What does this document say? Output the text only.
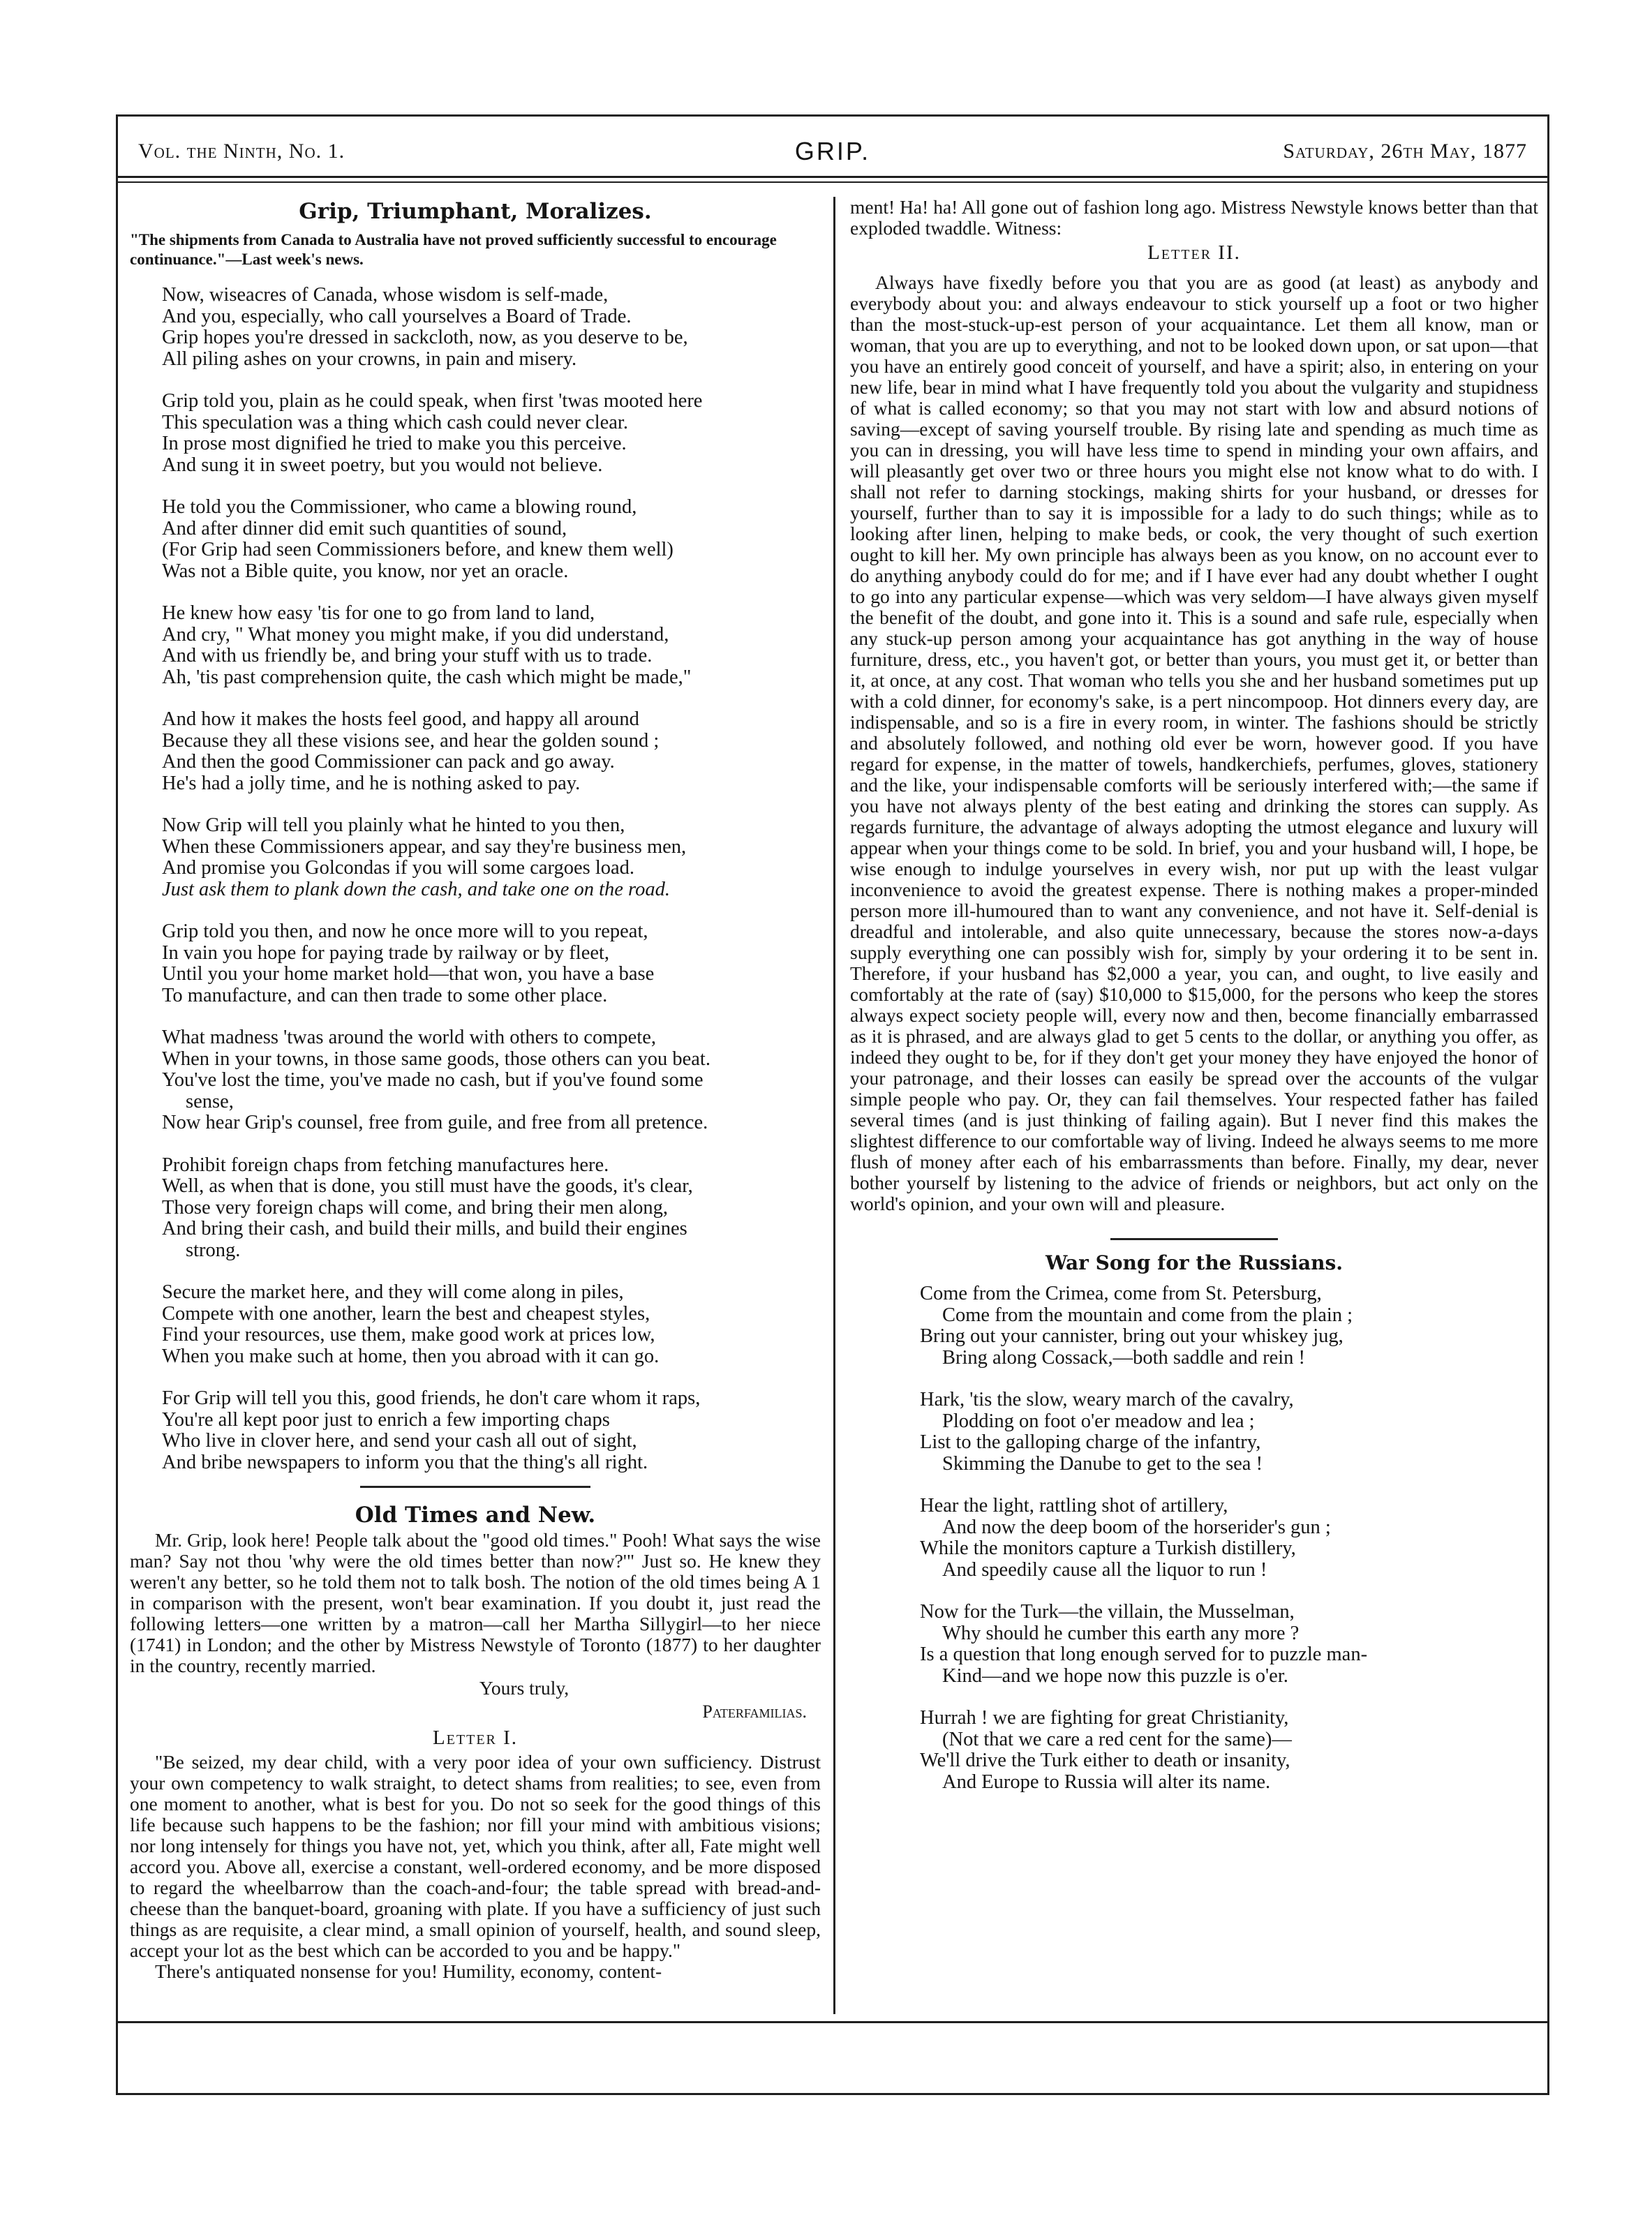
Vol. the Ninth, No. 1.	GRIP.	Saturday, 26th May, 1877
Grip, Triumphant, Moralizes.
"The shipments from Canada to Australia have not proved sufficiently successful to encourage continuance."—Last week's news.
Now, wiseacres of Canada, whose wisdom is self-made,
And you, especially, who call yourselves a Board of Trade.
Grip hopes you're dressed in sackcloth, now, as you deserve to be,
All piling ashes on your crowns, in pain and misery.
Grip told you, plain as he could speak, when first 'twas mooted here
This speculation was a thing which cash could never clear.
In prose most dignified he tried to make you this perceive.
And sung it in sweet poetry, but you would not believe.
He told you the Commissioner, who came a blowing round,
And after dinner did emit such quantities of sound,
(For Grip had seen Commissioners before, and knew them well)
Was not a Bible quite, you know, nor yet an oracle.
He knew how easy 'tis for one to go from land to land,
And cry, " What money you might make, if you did understand,
And with us friendly be, and bring your stuff with us to trade.
Ah, 'tis past comprehension quite, the cash which might be made,"
And how it makes the hosts feel good, and happy all around
Because they all these visions see, and hear the golden sound ;
And then the good Commissioner can pack and go away.
He's had a jolly time, and he is nothing asked to pay.
Now Grip will tell you plainly what he hinted to you then,
When these Commissioners appear, and say they're business men,
And promise you Golcondas if you will some cargoes load.
Just ask them to plank down the cash, and take one on the road.
Grip told you then, and now he once more will to you repeat,
In vain you hope for paying trade by railway or by fleet,
Until you your home market hold—that won, you have a base
To manufacture, and can then trade to some other place.
What madness 'twas around the world with others to compete,
When in your towns, in those same goods, those others can you beat.
You've lost the time, you've made no cash, but if you've found some
sense,
Now hear Grip's counsel, free from guile, and free from all pretence.
Prohibit foreign chaps from fetching manufactures here.
Well, as when that is done, you still must have the goods, it's clear,
Those very foreign chaps will come, and bring their men along,
And bring their cash, and build their mills, and build their engines
strong.
Secure the market here, and they will come along in piles,
Compete with one another, learn the best and cheapest styles,
Find your resources, use them, make good work at prices low,
When you make such at home, then you abroad with it can go.
For Grip will tell you this, good friends, he don't care whom it raps,
You're all kept poor just to enrich a few importing chaps
Who live in clover here, and send your cash all out of sight,
And bribe newspapers to inform you that the thing's all right.
Old Times and New.

Mr. Grip, look here! People talk about the "good old times." Pooh! What says the wise man? Say not thou 'why were the old times better than now?'" Just so. He knew they weren't any better, so he told them not to talk bosh. The notion of the old times being A 1 in comparison with the present, won't bear examination. If you doubt it, just read the following letters—one written by a matron—call her Martha Sillygirl—to her niece (1741) in London; and the other by Mistress Newstyle of Toronto (1877) to her daughter in the country, recently married.

Yours truly,
Paterfamilias.
Letter I.

"Be seized, my dear child, with a very poor idea of your own sufficiency. Distrust your own competency to walk straight, to detect shams from realities; to see, even from one moment to another, what is best for you. Do not so seek for the good things of this life because such happens to be the fashion; nor fill your mind with ambitious visions; nor long intensely for things you have not, yet, which you think, after all, Fate might well accord you. Above all, exercise a constant, well-ordered economy, and be more disposed to regard the wheelbarrow than the coach-and-four; the table spread with bread-and-cheese than the banquet-board, groaning with plate. If you have a sufficiency of just such things as are requisite, a clear mind, a small opinion of yourself, health, and sound sleep, accept your lot as the best which can be accorded to you and be happy."

There's antiquated nonsense for you! Humility, economy, content-

ment! Ha! ha! All gone out of fashion long ago. Mistress Newstyle knows better than that exploded twaddle. Witness:

Letter II.

Always have fixedly before you that you are as good (at least) as anybody and everybody about you: and always endeavour to stick yourself up a foot or two higher than the most-stuck-up-est person of your acquaintance. Let them all know, man or woman, that you are up to everything, and not to be looked down upon, or sat upon—that you have an entirely good conceit of yourself, and have a spirit; also, in entering on your new life, bear in mind what I have frequently told you about the vulgarity and stupidness of what is called economy; so that you may not start with low and absurd notions of saving—except of saving yourself trouble. By rising late and spending as much time as you can in dressing, you will have less time to spend in minding your own affairs, and will pleasantly get over two or three hours you might else not know what to do with. I shall not refer to darning stockings, making shirts for your husband, or dresses for yourself, further than to say it is impossible for a lady to do such things; while as to looking after linen, helping to make beds, or cook, the very thought of such exertion ought to kill her. My own principle has always been as you know, on no account ever to do anything anybody could do for me; and if I have ever had any doubt whether I ought to go into any particular expense—which was very seldom—I have always given myself the benefit of the doubt, and gone into it. This is a sound and safe rule, especially when any stuck-up person among your acquaintance has got anything in the way of house furniture, dress, etc., you haven't got, or better than yours, you must get it, or better than it, at once, at any cost. That woman who tells you she and her husband sometimes put up with a cold dinner, for economy's sake, is a pert nincompoop. Hot dinners every day, are indispensable, and so is a fire in every room, in winter. The fashions should be strictly and absolutely followed, and nothing old ever be worn, however good. If you have regard for expense, in the matter of towels, handkerchiefs, perfumes, gloves, stationery and the like, your indispensable comforts will be seriously interfered with;—the same if you have not always plenty of the best eating and drinking the stores can supply. As regards furniture, the advantage of always adopting the utmost elegance and luxury will appear when your things come to be sold. In brief, you and your husband will, I hope, be wise enough to indulge yourselves in every wish, nor put up with the least vulgar inconvenience to avoid the greatest expense. There is nothing makes a proper-minded person more ill-humoured than to want any convenience, and not have it. Self-denial is dreadful and intolerable, and also quite unnecessary, because the stores now-a-days supply everything one can possibly wish for, simply by your ordering it to be sent in. Therefore, if your husband has $2,000 a year, you can, and ought, to live easily and comfortably at the rate of (say) $10,000 to $15,000, for the persons who keep the stores always expect society people will, every now and then, become financially embarrassed as it is phrased, and are always glad to get 5 cents to the dollar, or anything you offer, as indeed they ought to be, for if they don't get your money they have enjoyed the honor of your patronage, and their losses can easily be spread over the accounts of the vulgar simple people who pay. Or, they can fail themselves. Your respected father has failed several times (and is just thinking of failing again). But I never find this makes the slightest difference to our comfortable way of living. Indeed he always seems to me more flush of money after each of his embarrassments than before. Finally, my dear, never bother yourself by listening to the advice of friends or neighbors, but act only on the world's opinion, and your own will and pleasure.

War Song for the Russians.
Come from the Crimea, come from St. Petersburg,
Come from the mountain and come from the plain ;
Bring out your cannister, bring out your whiskey jug,
Bring along Cossack,—both saddle and rein !
Hark, 'tis the slow, weary march of the cavalry,
Plodding on foot o'er meadow and lea ;
List to the galloping charge of the infantry,
Skimming the Danube to get to the sea !
Hear the light, rattling shot of artillery,
And now the deep boom of the horserider's gun ;
While the monitors capture a Turkish distillery,
And speedily cause all the liquor to run !
Now for the Turk—the villain, the Musselman,
Why should he cumber this earth any more ?
Is a question that long enough served for to puzzle man-
Kind—and we hope now this puzzle is o'er.
Hurrah ! we are fighting for great Christianity,
(Not that we care a red cent for the same)—
We'll drive the Turk either to death or insanity,
And Europe to Russia will alter its name.
